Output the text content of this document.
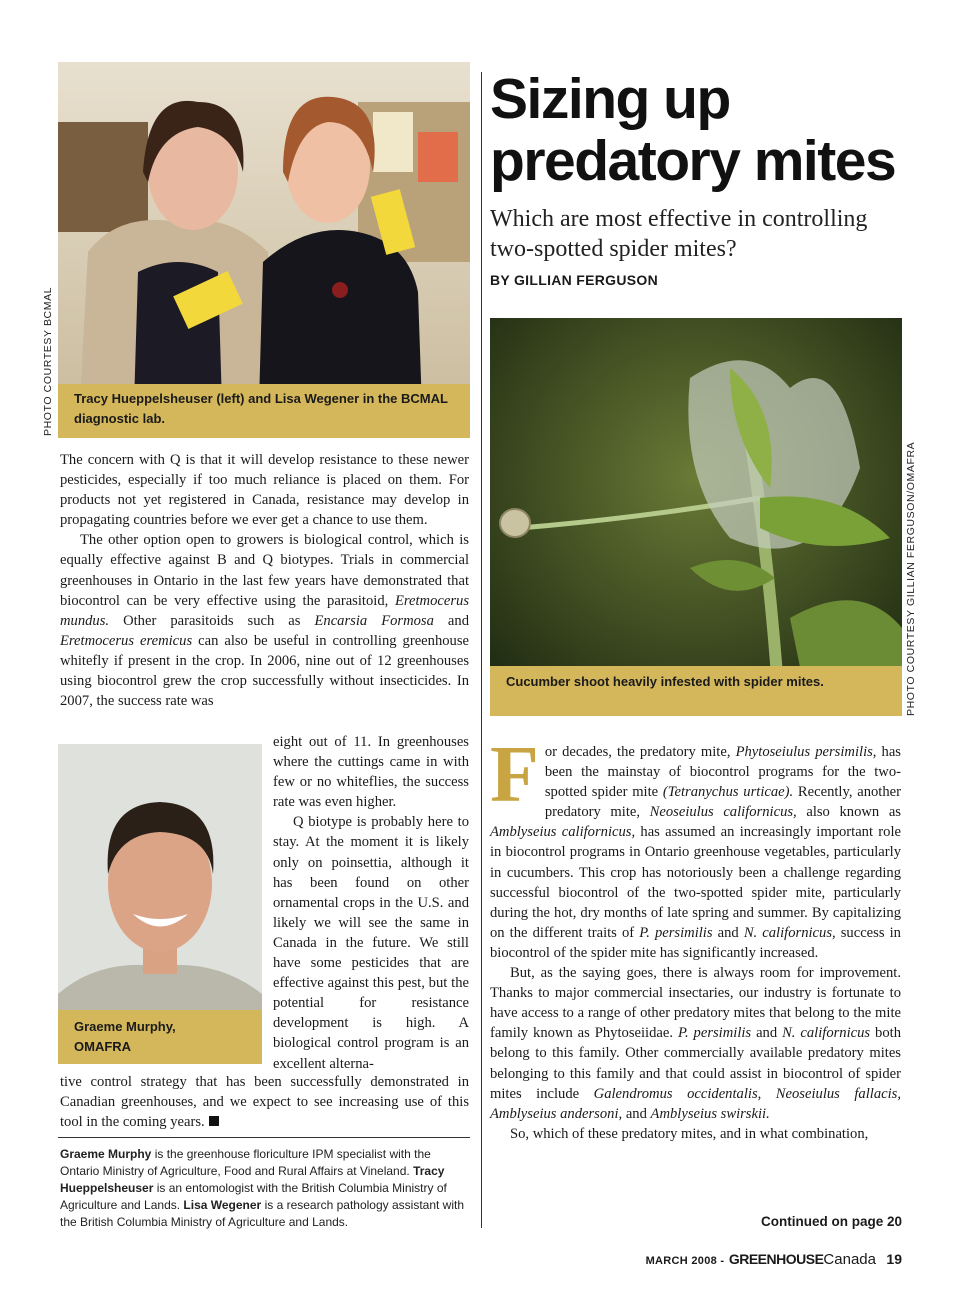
Tracy Hueppelsheuser (left) and Lisa Wegener in the BCMAL diagnostic lab.
PHOTO COURTESY BCMAL
Sizing up
predatory mites
Which are most effective in controlling two-spotted spider mites?
BY GILLIAN FERGUSON
Cucumber shoot heavily infested with spider mites.	PHOTO COURTESY GILLIAN FERGUSON/OMAFRA

The concern with Q is that it will develop resistance to these newer pesticides, especially if too much reliance is placed on them. For products not yet registered in Canada, resistance may develop in propagating countries before we ever get a chance to use them.

The other option open to growers is biological control, which is equally effective against B and Q biotypes. Trials in commercial greenhouses in Ontario in the last few years have demonstrated that biocontrol can be very effective using the parasitoid, Eretmocerus mundus. Other parasitoids such as Encarsia Formosa and Eretmocerus eremicus can also be useful in controlling greenhouse whitefly if present in the crop. In 2006, nine out of 12 greenhouses using biocontrol grew the crop successfully without insecticides. In 2007, the success rate was

Graeme Murphy,
OMAFRA

eight out of 11. In greenhouses where the cuttings came in with few or no whiteflies, the success rate was even higher.

Q biotype is probably here to stay. At the moment it is likely only on poinsettia, although it has been found on other ornamental crops in the U.S. and likely we will see the same in Canada in the future. We still have some pesticides that are effective against this pest, but the potential for resistance development is high. A biological control program is an excellent alterna-

tive control strategy that has been successfully demonstrated in Canadian greenhouses, and we expect to see increasing use of this tool in the coming years.

Graeme Murphy is the greenhouse floriculture IPM specialist with the Ontario Ministry of Agriculture, Food and Rural Affairs at Vineland. Tracy Hueppelsheuser is an entomologist with the British Columbia Ministry of Agriculture and Lands. Lisa Wegener is a research pathology assistant with the British Columbia Ministry of Agriculture and Lands.

For decades, the predatory mite, Phytoseiulus persimilis, has been the mainstay of biocontrol programs for the two-spotted spider mite (Tetranychus urticae). Recently, another predatory mite, Neoseiulus californicus, also known as Amblyseius californicus, has assumed an increasingly important role in biocontrol programs in Ontario greenhouse vegetables, particularly in cucumbers. This crop has notoriously been a challenge regarding successful biocontrol of the two-spotted spider mite, particularly during the hot, dry months of late spring and summer. By capitalizing on the different traits of P. persimilis and N. californicus, success in biocontrol of the spider mite has significantly increased.

But, as the saying goes, there is always room for improvement. Thanks to major commercial insectaries, our industry is fortunate to have access to a range of other predatory mites that belong to the mite family known as Phytoseiidae. P. persimilis and N. californicus both belong to this family. Other commercially available predatory mites belonging to this family and that could assist in biocontrol of spider mites include Galendromus occidentalis, Neoseiulus fallacis, Amblyseius andersoni, and Amblyseius swirskii.

So, which of these predatory mites, and in what combination,

Continued on page 20
MARCH 2008 - GREENHOUSECanada 19
